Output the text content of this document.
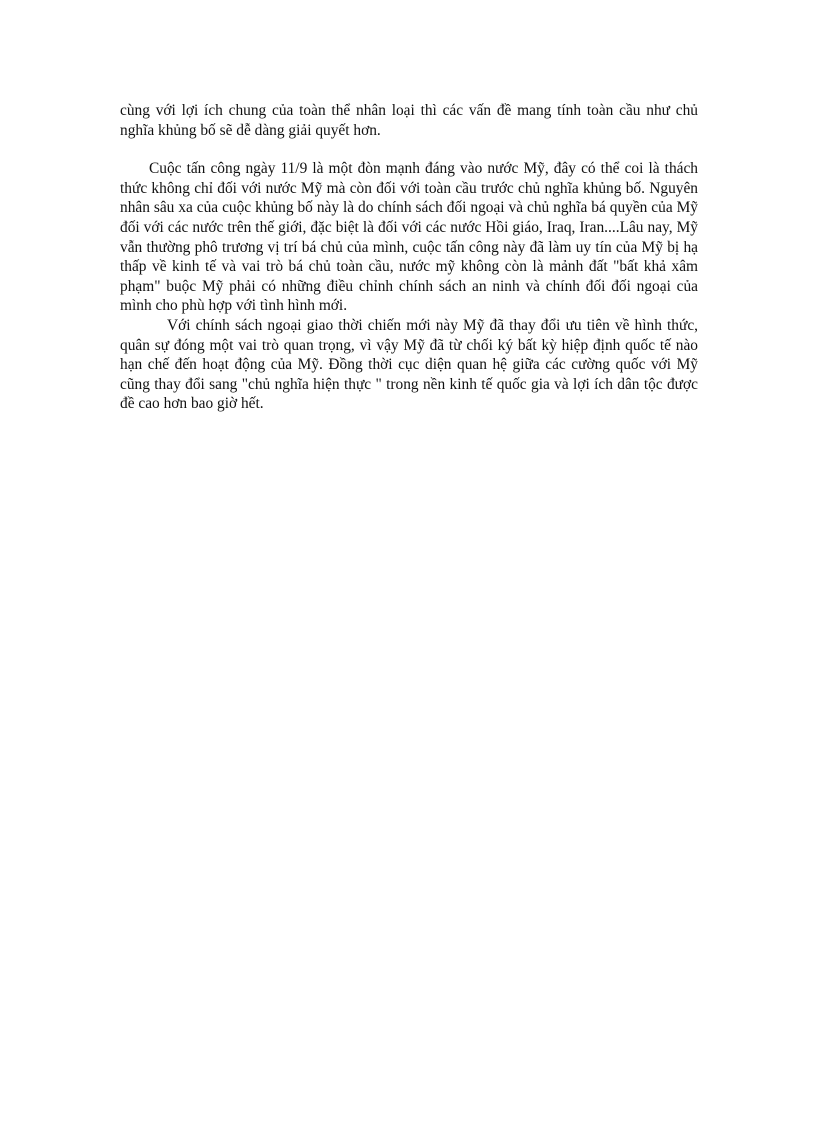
cùng với lợi ích chung của toàn thể nhân loại thì các vấn đề mang tính toàn cầu như chủ nghĩa khủng bố sẽ dễ dàng giải quyết hơn.

Cuộc tấn công ngày 11/9 là một đòn mạnh đáng vào nước Mỹ, đây có thể coi là thách thức không chỉ đối với nước Mỹ mà còn đối với toàn cầu trước chủ nghĩa khủng bố. Nguyên nhân sâu xa của cuộc khủng bố này là do chính sách đối ngoại và chủ nghĩa bá quyền của Mỹ đối với các nước trên thế giới, đặc biệt là đối với các nước Hồi giáo, Iraq, Iran....Lâu nay, Mỹ vẫn thường phô trương vị trí bá chủ của mình, cuộc tấn công này đã làm uy tín của Mỹ bị hạ thấp về kinh tế và vai trò bá chủ toàn cầu, nước mỹ không còn là mảnh đất "bất khả xâm phạm" buộc Mỹ phải có những điều chỉnh chính sách an ninh và chính đối đối ngoại của mình cho phù hợp với tình hình mới.

Với chính sách ngoại giao thời chiến mới này Mỹ đã thay đổi ưu tiên về hình thức, quân sự đóng một vai trò quan trọng, vì vậy Mỹ đã từ chối ký bất kỳ hiệp định quốc tế nào hạn chế đến hoạt động của Mỹ. Đồng thời cục diện quan hệ giữa các cường quốc với Mỹ cũng thay đổi sang "chủ nghĩa hiện thực " trong nền kinh tế quốc gia và lợi ích dân tộc được đề cao hơn bao giờ hết.
